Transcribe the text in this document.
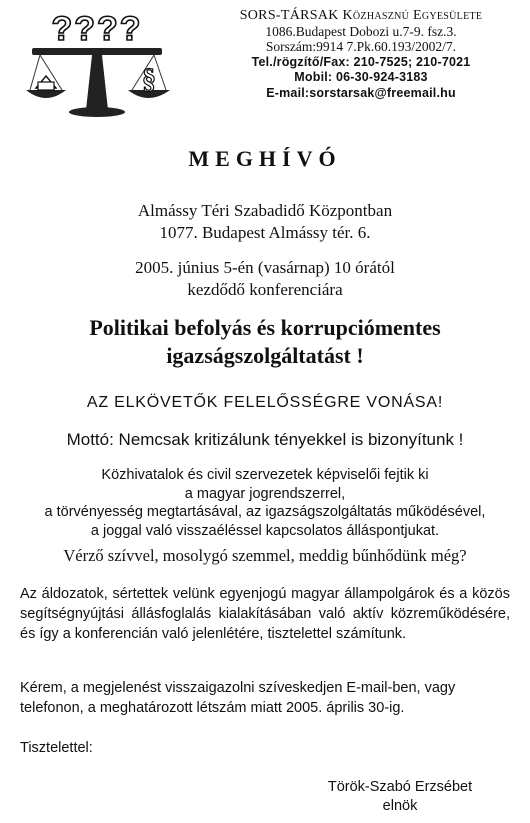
????
§
SORS-TÁRSAK Közhasznú Egyesülete
1086.Budapest Dobozi u.7-9. fsz.3.
Sorszám:9914 7.Pk.60.193/2002/7.
Tel./rögzítő/Fax: 210-7525; 210-7021
Mobil: 06-30-924-3183
E-mail:sorstarsak@freemail.hu
MEGHÍVÓ
Almássy Téri Szabadidő Központban
1077. Budapest Almássy tér. 6.
2005. június 5-én (vasárnap) 10 órától
kezdődő konferenciára
Politikai befolyás és korrupciómentes
igazságszolgáltatást !
AZ ELKÖVETŐK FELELŐSSÉGRE VONÁSA!
Mottó: Nemcsak kritizálunk tényekkel is bizonyítunk !
Közhivatalok és civil szervezetek képviselői fejtik ki
a magyar jogrendszerrel,
a törvényesség megtartásával, az igazságszolgáltatás működésével,
a joggal való visszaéléssel kapcsolatos álláspontjukat.
Vérző szívvel, mosolygó szemmel, meddig bűnhődünk még?
Az áldozatok, sértettek velünk egyenjogú magyar állampolgárok és a közös segítségnyújtási állásfoglalás kialakításában való aktív közreműködésére, és így a konferencián való jelenlétére, tisztelettel számítunk.
Kérem, a megjelenést visszaigazolni szíveskedjen E-mail-ben, vagy telefonon, a meghatározott létszám miatt 2005. április 30-ig.
Tisztelettel:
Török-Szabó Erzsébet
elnök
